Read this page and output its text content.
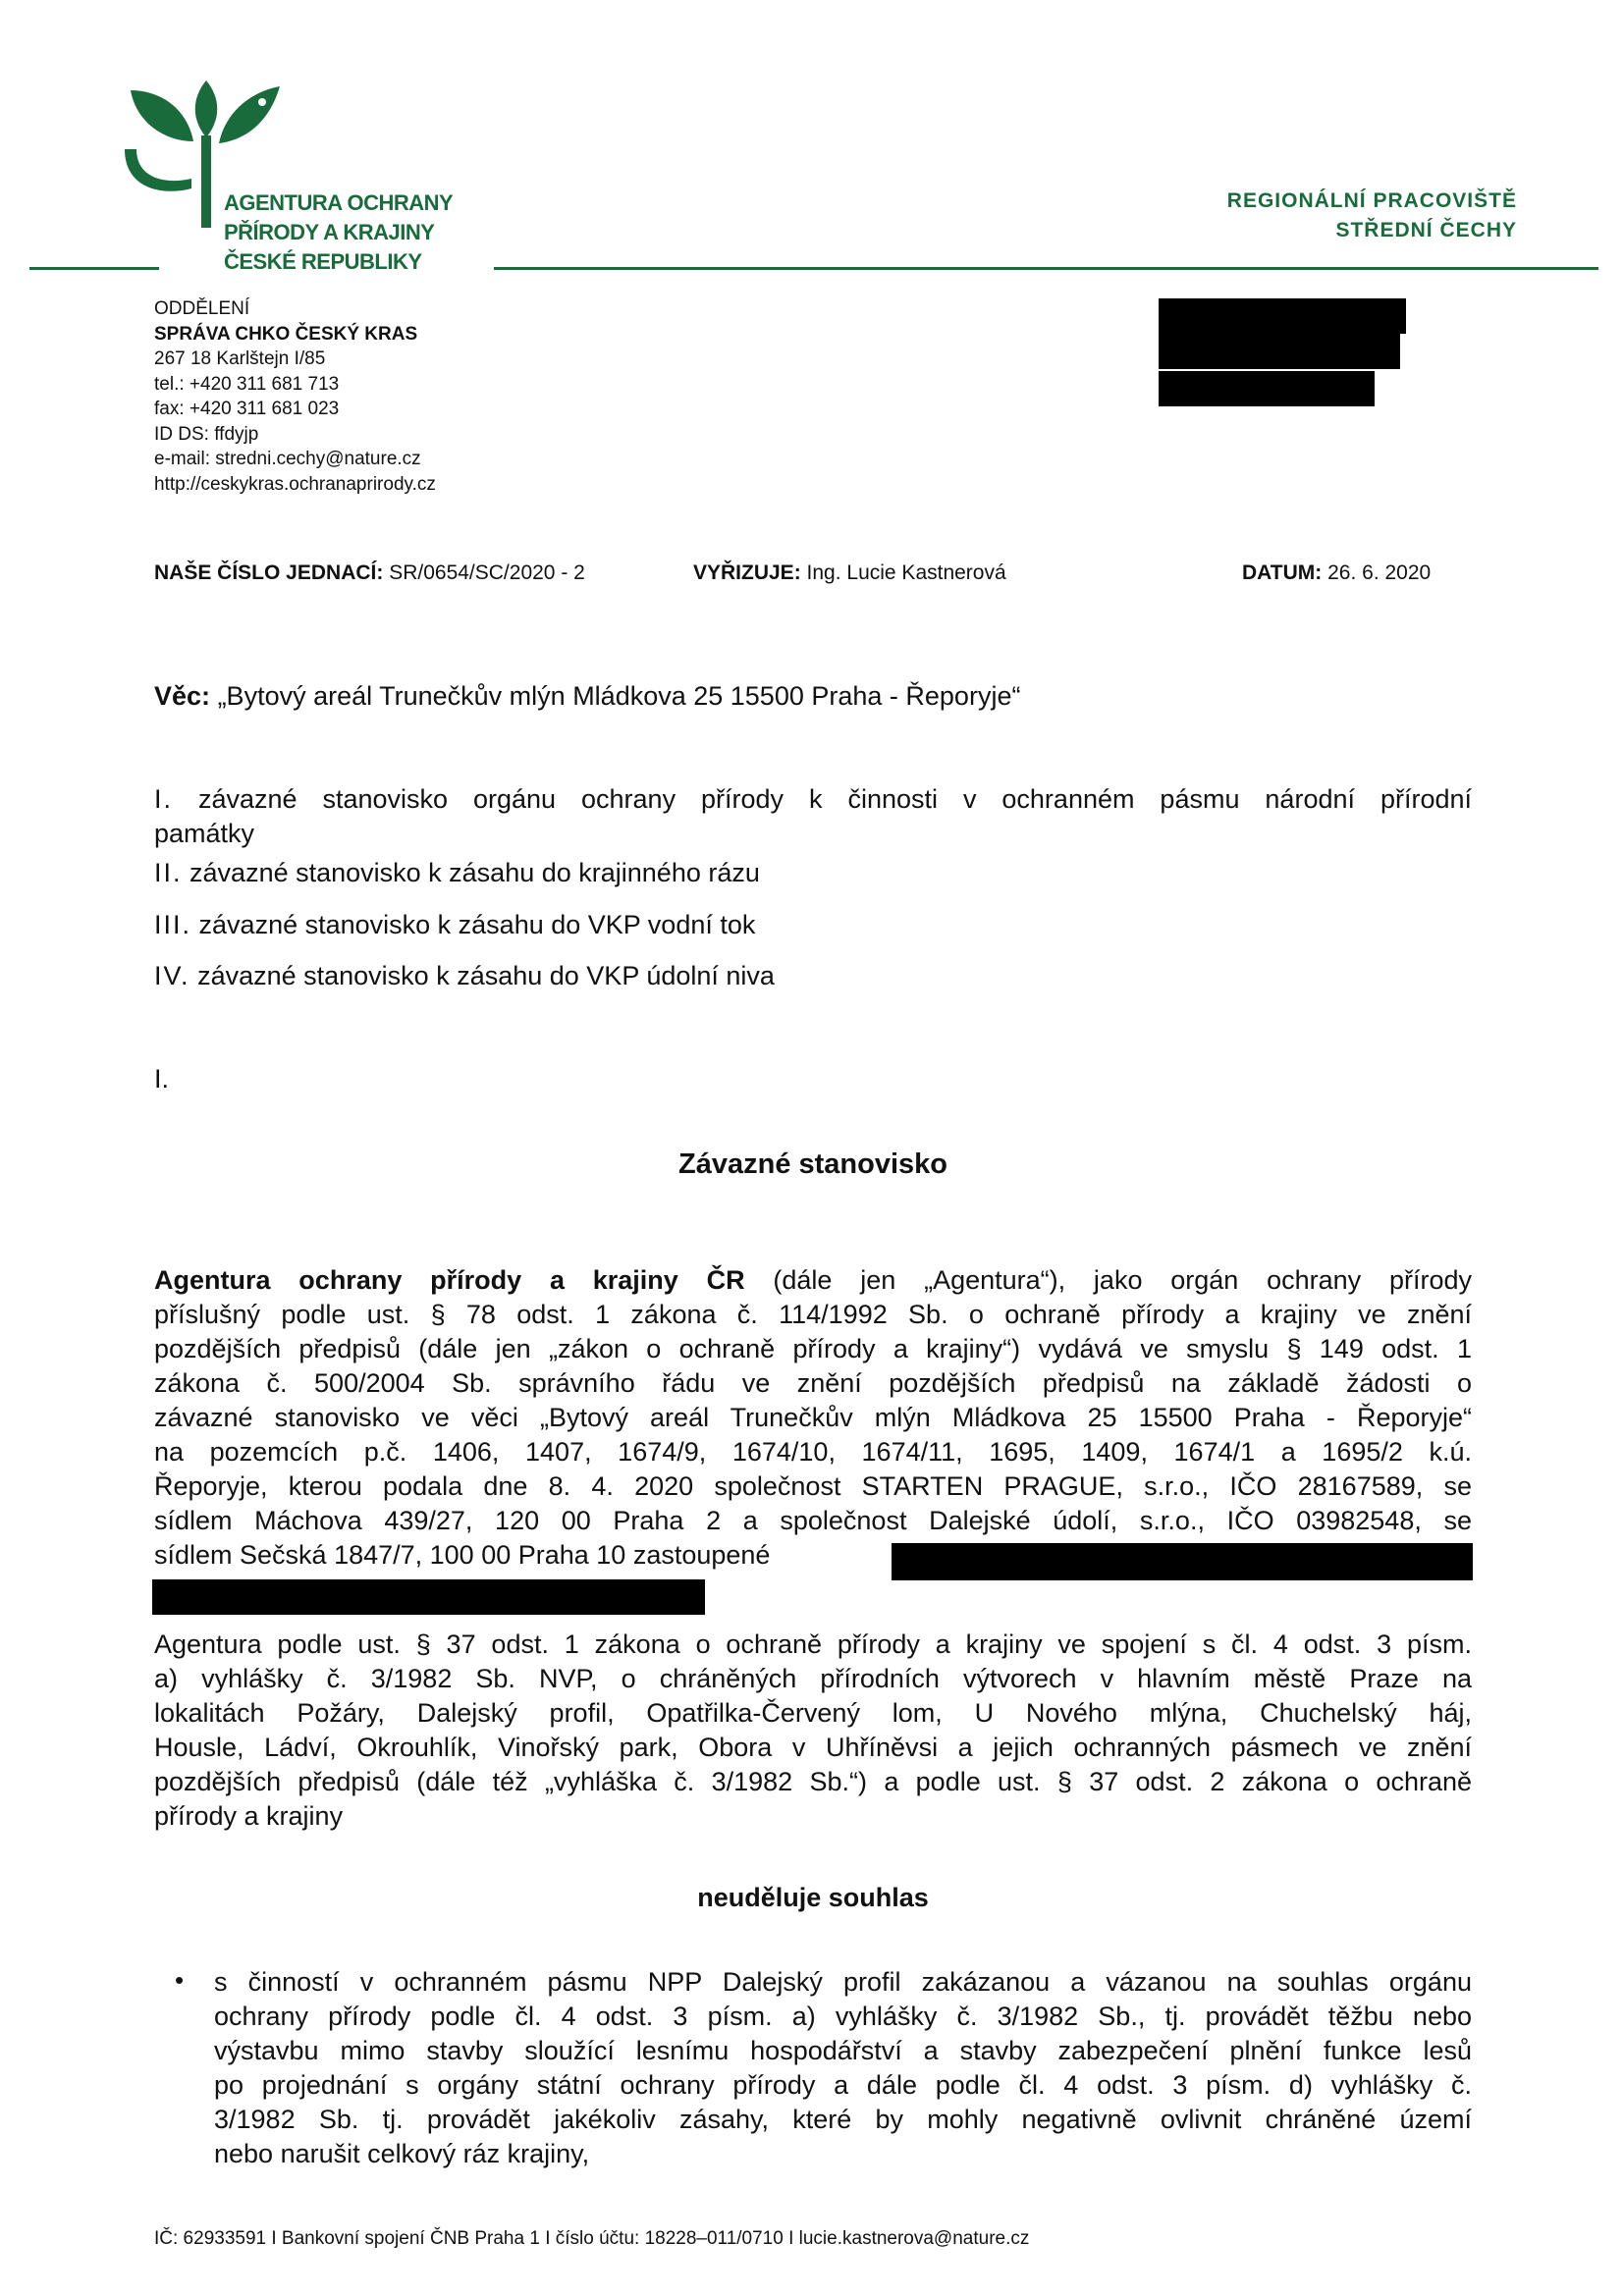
AGENTURA OCHRANY
PŘÍRODY A KRAJINY
ČESKÉ REPUBLIKY
REGIONÁLNÍ PRACOVIŠTĚ
STŘEDNÍ ČECHY
ODDĚLENÍ
SPRÁVA CHKO ČESKÝ KRAS
267 18 Karlštejn I/85
tel.: +420 311 681 713
fax: +420 311 681 023
ID DS: ffdyjp
e-mail: stredni.cechy@nature.cz
http://ceskykras.ochranaprirody.cz
NAŠE ČÍSLO JEDNACÍ: SR/0654/SC/2020 - 2	VYŘIZUJE: Ing. Lucie Kastnerová	DATUM: 26. 6. 2020
Věc: „Bytový areál Trunečkův mlýn Mládkova 25 15500 Praha - Řeporyje“
I. závazné stanovisko orgánu ochrany přírody k činnosti v ochranném pásmu národní přírodní
památky
II. závazné stanovisko k zásahu do krajinného rázu
III. závazné stanovisko k zásahu do VKP vodní tok
IV. závazné stanovisko k zásahu do VKP údolní niva
I.
Závazné stanovisko
Agentura ochrany přírody a krajiny ČR (dále jen „Agentura“), jako orgán ochrany přírody
příslušný podle ust. § 78 odst. 1 zákona č. 114/1992 Sb. o ochraně přírody a krajiny ve znění
pozdějších předpisů (dále jen „zákon o ochraně přírody a krajiny“) vydává ve smyslu § 149 odst. 1
zákona č. 500/2004 Sb. správního řádu ve znění pozdějších předpisů na základě žádosti o
závazné stanovisko ve věci „Bytový areál Trunečkův mlýn Mládkova 25 15500 Praha - Řeporyje“
na pozemcích p.č. 1406, 1407, 1674/9, 1674/10, 1674/11, 1695, 1409, 1674/1 a 1695/2 k.ú.
Řeporyje, kterou podala dne 8. 4. 2020 společnost STARTEN PRAGUE, s.r.o., IČO 28167589, se
sídlem Máchova 439/27, 120 00 Praha 2 a společnost Dalejské údolí, s.r.o., IČO 03982548, se
sídlem Sečská 1847/7, 100 00 Praha 10 zastoupené
Agentura podle ust. § 37 odst. 1 zákona o ochraně přírody a krajiny ve spojení s čl. 4 odst. 3 písm.
a) vyhlášky č. 3/1982 Sb. NVP, o chráněných přírodních výtvorech v hlavním městě Praze na
lokalitách Požáry, Dalejský profil, Opatřilka-Červený lom, U Nového mlýna, Chuchelský háj,
Housle, Ládví, Okrouhlík, Vinořský park, Obora v Uhříněvsi a jejich ochranných pásmech ve znění
pozdějších předpisů (dále též „vyhláška č. 3/1982 Sb.“) a podle ust. § 37 odst. 2 zákona o ochraně
přírody a krajiny
neuděluje souhlas
• s činností v ochranném pásmu NPP Dalejský profil zakázanou a vázanou na souhlas orgánu
ochrany přírody podle čl. 4 odst. 3 písm. a) vyhlášky č. 3/1982 Sb., tj. provádět těžbu nebo
výstavbu mimo stavby sloužící lesnímu hospodářství a stavby zabezpečení plnění funkce lesů
po projednání s orgány státní ochrany přírody a dále podle čl. 4 odst. 3 písm. d) vyhlášky č.
3/1982 Sb. tj. provádět jakékoliv zásahy, které by mohly negativně ovlivnit chráněné území
nebo narušit celkový ráz krajiny,
IČ: 62933591 I Bankovní spojení ČNB Praha 1 I číslo účtu: 18228–011/0710 I lucie.kastnerova@nature.cz
